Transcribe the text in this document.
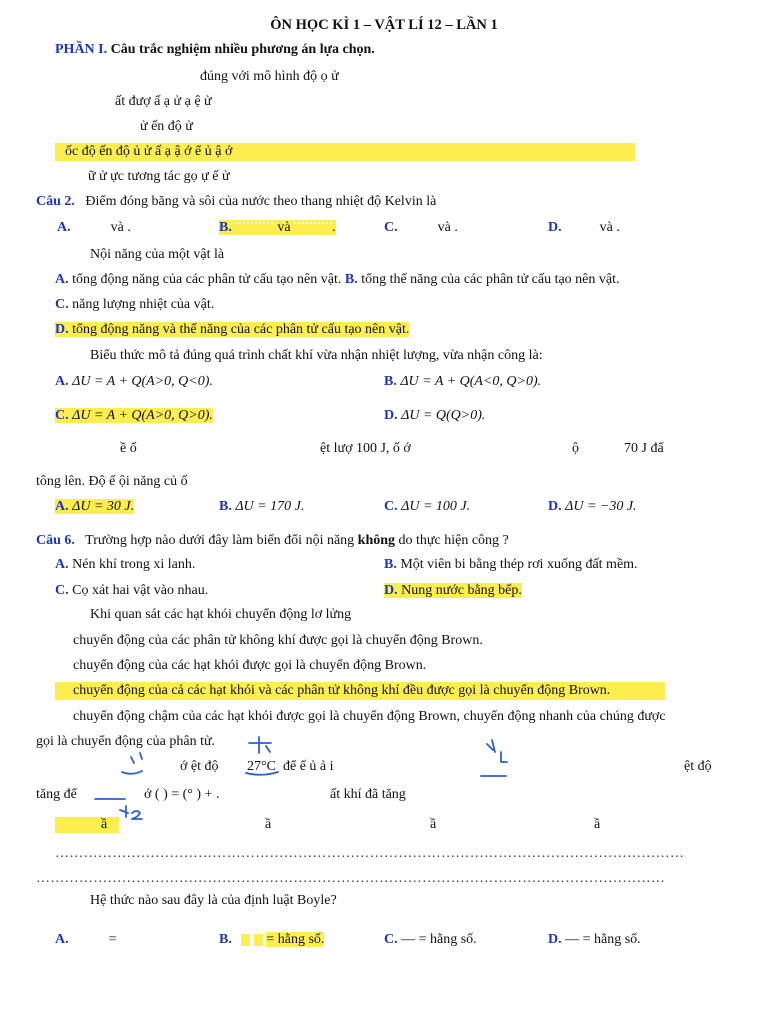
ÔN HỌC KÌ 1 – VẬT LÍ 12 – LẦN 1
PHẦN I. Câu trắc nghiệm nhiều phương án lựa chọn.
đúng với mô hình độ ọ ử
ất đượ ấ ạ ử ạ ệ ử
ử ến độ ử
ốc độ ến độ ủ ử ấ ạ ậ ớ ể ủ ậ ớ
ữ ử ực tương tác gọ ự ế ử
Câu 2. Điểm đóng băng và sôi của nước theo thang nhiệt độ Kelvin là
A.	và .	B.	và	.	C.	và .	D.	và .
Nội năng của một vật là
A. tổng động năng của các phân tử cấu tạo nên vật. B. tổng thế năng của các phân tử cấu tạo nên vật.
C. năng lượng nhiệt của vật.
D. tổng động năng và thế năng của các phân tử cấu tạo nên vật.
Biểu thức mô tả đúng quá trình chất khí vừa nhận nhiệt lượng, vừa nhận công là:
A. ΔU = A + Q(A>0, Q<0).	B. ΔU = A + Q(A<0, Q>0).
C. ΔU = A + Q(A>0, Q>0).	D. ΔU = Q(Q>0).
ề ố	ệt lượ 100 J, ố ớ	ộ	70 J đẩ
tông lên. Độ ế ội năng củ ố
A. ΔU = 30 J.	B. ΔU = 170 J.	C. ΔU = 100 J.	D. ΔU = −30 J.
Câu 6. Trường hợp nào dưới đây làm biến đổi nội năng không do thực hiện công ?
A. Nén khí trong xi lanh.	B. Một viên bi bằng thép rơi xuống đất mềm.
C. Cọ xát hai vật vào nhau.	D. Nung nước bằng bếp.
Khi quan sát các hạt khói chuyển động lơ lửng
chuyển động của các phân tử không khí được gọi là chuyển động Brown.
chuyển động của các hạt khói được gọi là chuyển động Brown.
chuyển động của cả các hạt khói và các phân tử không khí đều được gọi là chuyển động Brown.
chuyển động chậm của các hạt khói được gọi là chuyển động Brown, chuyển động nhanh của chúng được
gọi là chuyển động của phân tử.
ớ ệt độ 27°C để ế ủ ả i	ệt độ
tăng để	ớ ( ) = (° ) + .	ất khí đã tăng
ầ	ầ	ầ	ầ
……………………………………………………………………………………………………………………
……………………………………………………………………………………………………………………
Hệ thức nào sau đây là của định luật Boyle?
A.	=	B. = hằng số.	C. — = hằng số.	D. — = hằng số.
